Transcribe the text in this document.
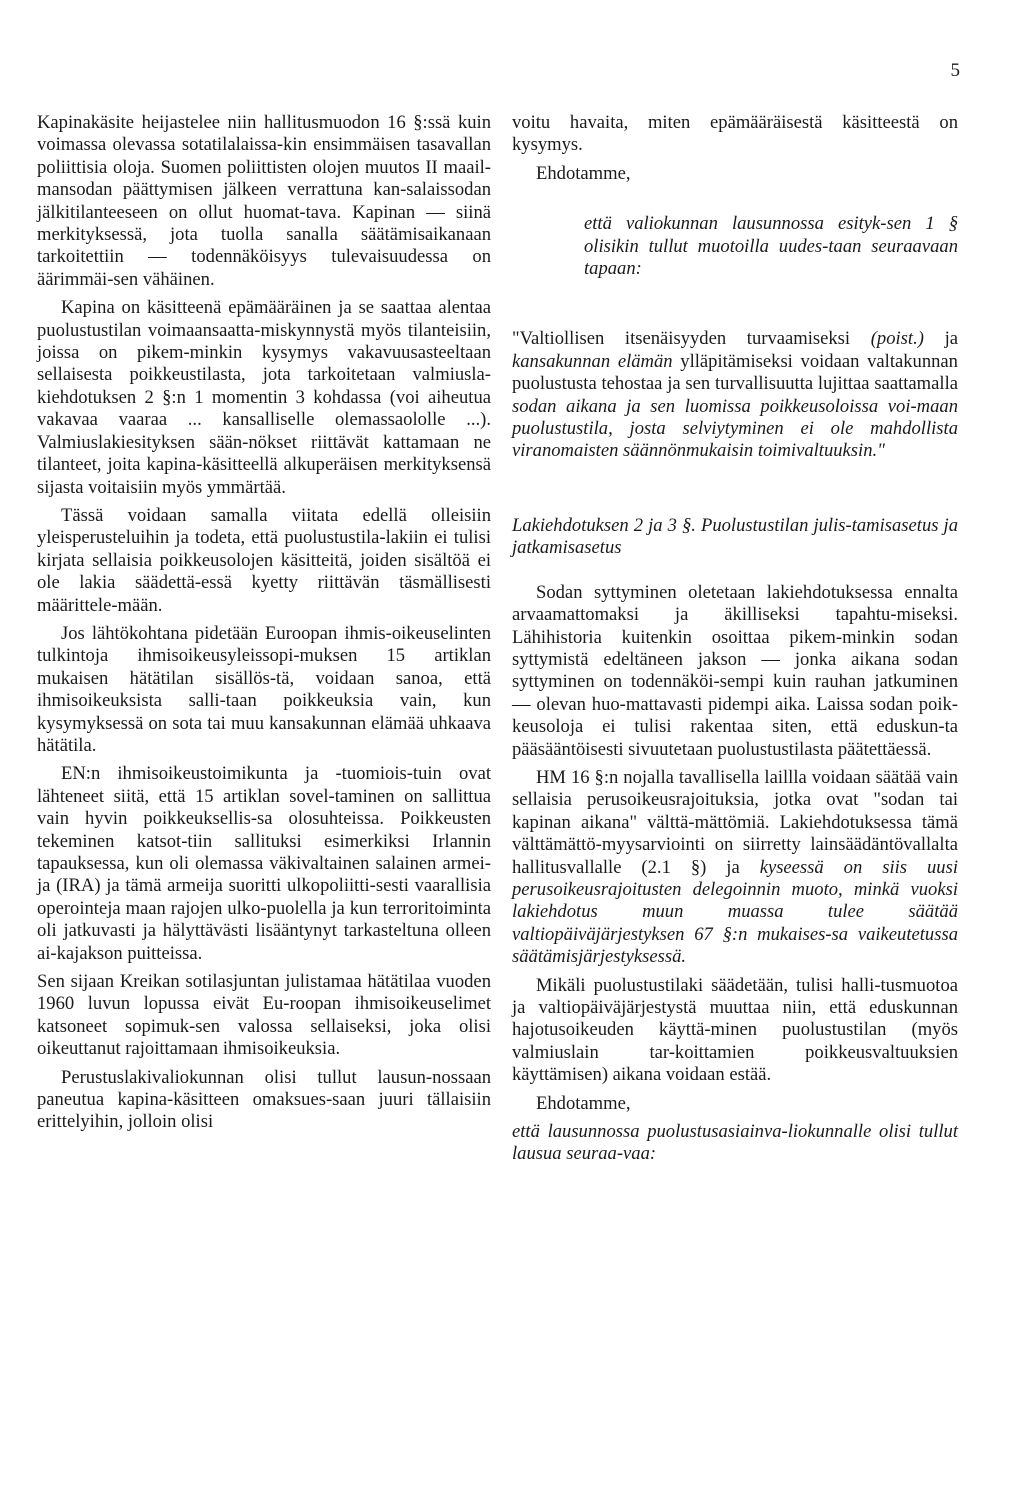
5

Kapinakäsite heijastelee niin hallitusmuodon 16 §:ssä kuin voimassa olevassa sotatilalaissa-kin ensimmäisen tasavallan poliittisia oloja. Suomen poliittisten olojen muutos II maail-mansodan päättymisen jälkeen verrattuna kan-salaissodan jälkitilanteeseen on ollut huomat-tava. Kapinan — siinä merkityksessä, jota tuolla sanalla säätämisaikanaan tarkoitettiin — todennäköisyys tulevaisuudessa on äärimmäi-sen vähäinen.

Kapina on käsitteenä epämääräinen ja se saattaa alentaa puolustustilan voimaansaatta-miskynnystä myös tilanteisiin, joissa on pikem-minkin kysymys vakavuusasteeltaan sellaisesta poikkeustilasta, jota tarkoitetaan valmiusla-kiehdotuksen 2 §:n 1 momentin 3 kohdassa (voi aiheutua vakavaa vaaraa ... kansalliselle olemassaololle ...). Valmiuslakiesityksen sään-nökset riittävät kattamaan ne tilanteet, joita kapina-käsitteellä alkuperäisen merkityksensä sijasta voitaisiin myös ymmärtää.

Tässä voidaan samalla viitata edellä olleisiin yleisperusteluihin ja todeta, että puolustustila-lakiin ei tulisi kirjata sellaisia poikkeusolojen käsitteitä, joiden sisältöä ei ole lakia säädettä-essä kyetty riittävän täsmällisesti määrittele-mään.

Jos lähtökohtana pidetään Euroopan ihmis-oikeuselinten tulkintoja ihmisoikeusyleissopi-muksen 15 artiklan mukaisen hätätilan sisällös-tä, voidaan sanoa, että ihmisoikeuksista salli-taan poikkeuksia vain, kun kysymyksessä on sota tai muu kansakunnan elämää uhkaava hätätila.

EN:n ihmisoikeustoimikunta ja -tuomiois-tuin ovat lähteneet siitä, että 15 artiklan sovel-taminen on sallittua vain hyvin poikkeuksellis-sa olosuhteissa. Poikkeusten tekeminen katsot-tiin sallituksi esimerkiksi Irlannin tapauksessa, kun oli olemassa väkivaltainen salainen armei-ja (IRA) ja tämä armeija suoritti ulkopoliitti-sesti vaarallisia operointeja maan rajojen ulko-puolella ja kun terroritoiminta oli jatkuvasti ja hälyttävästi lisääntynyt tarkasteltuna olleen ai-kajakson puitteissa.

Sen sijaan Kreikan sotilasjuntan julistamaa hätätilaa vuoden 1960 luvun lopussa eivät Eu-roopan ihmisoikeuselimet katsoneet sopimuk-sen valossa sellaiseksi, joka olisi oikeuttanut rajoittamaan ihmisoikeuksia.

Perustuslakivaliokunnan olisi tullut lausun-nossaan paneutua kapina-käsitteen omaksues-saan juuri tällaisiin erittelyihin, jolloin olisi

voitu havaita, miten epämääräisestä käsitteestä on kysymys.

Ehdotamme,

että valiokunnan lausunnossa esityk-sen 1 § olisikin tullut muotoilla uudes-taan seuraavaan tapaan:

"Valtiollisen itsenäisyyden turvaamiseksi (poist.) ja kansakunnan elämän ylläpitämiseksi voidaan valtakunnan puolustusta tehostaa ja sen turvallisuutta lujittaa saattamalla sodan aikana ja sen luomissa poikkeusoloissa voi-maan puolustustila, josta selviytyminen ei ole mahdollista viranomaisten säännönmukaisin toimivaltuuksin."

Lakiehdotuksen 2 ja 3 §. Puolustustilan julis-tamisasetus ja jatkamisasetus

Sodan syttyminen oletetaan lakiehdotuksessa ennalta arvaamattomaksi ja äkilliseksi tapahtu-miseksi. Lähihistoria kuitenkin osoittaa pikem-minkin sodan syttymistä edeltäneen jakson — jonka aikana sodan syttyminen on todennäköi-sempi kuin rauhan jatkuminen — olevan huo-mattavasti pidempi aika. Laissa sodan poik-keusoloja ei tulisi rakentaa siten, että eduskun-ta pääsääntöisesti sivuutetaan puolustustilasta päätettäessä.

HM 16 §:n nojalla tavallisella laillla voidaan säätää vain sellaisia perusoikeusrajoituksia, jotka ovat "sodan tai kapinan aikana" välttä-mättömiä. Lakiehdotuksessa tämä välttämättö-myysarviointi on siirretty lainsäädäntövallalta hallitusvallalle (2.1 §) ja kyseessä on siis uusi perusoikeusrajoitusten delegoinnin muoto, minkä vuoksi lakiehdotus muun muassa tulee säätää valtiopäiväjärjestyksen 67 §:n mukaises-sa vaikeutetussa säätämisjärjestyksessä.

Mikäli puolustustilaki säädetään, tulisi halli-tusmuotoa ja valtiopäiväjärjestystä muuttaa niin, että eduskunnan hajotusoikeuden käyttä-minen puolustustilan (myös valmiuslain tar-koittamien poikkeusvaltuuksien käyttämisen) aikana voidaan estää.

Ehdotamme,

että lausunnossa puolustusasiainva-liokunnalle olisi tullut lausua seuraa-vaa:
